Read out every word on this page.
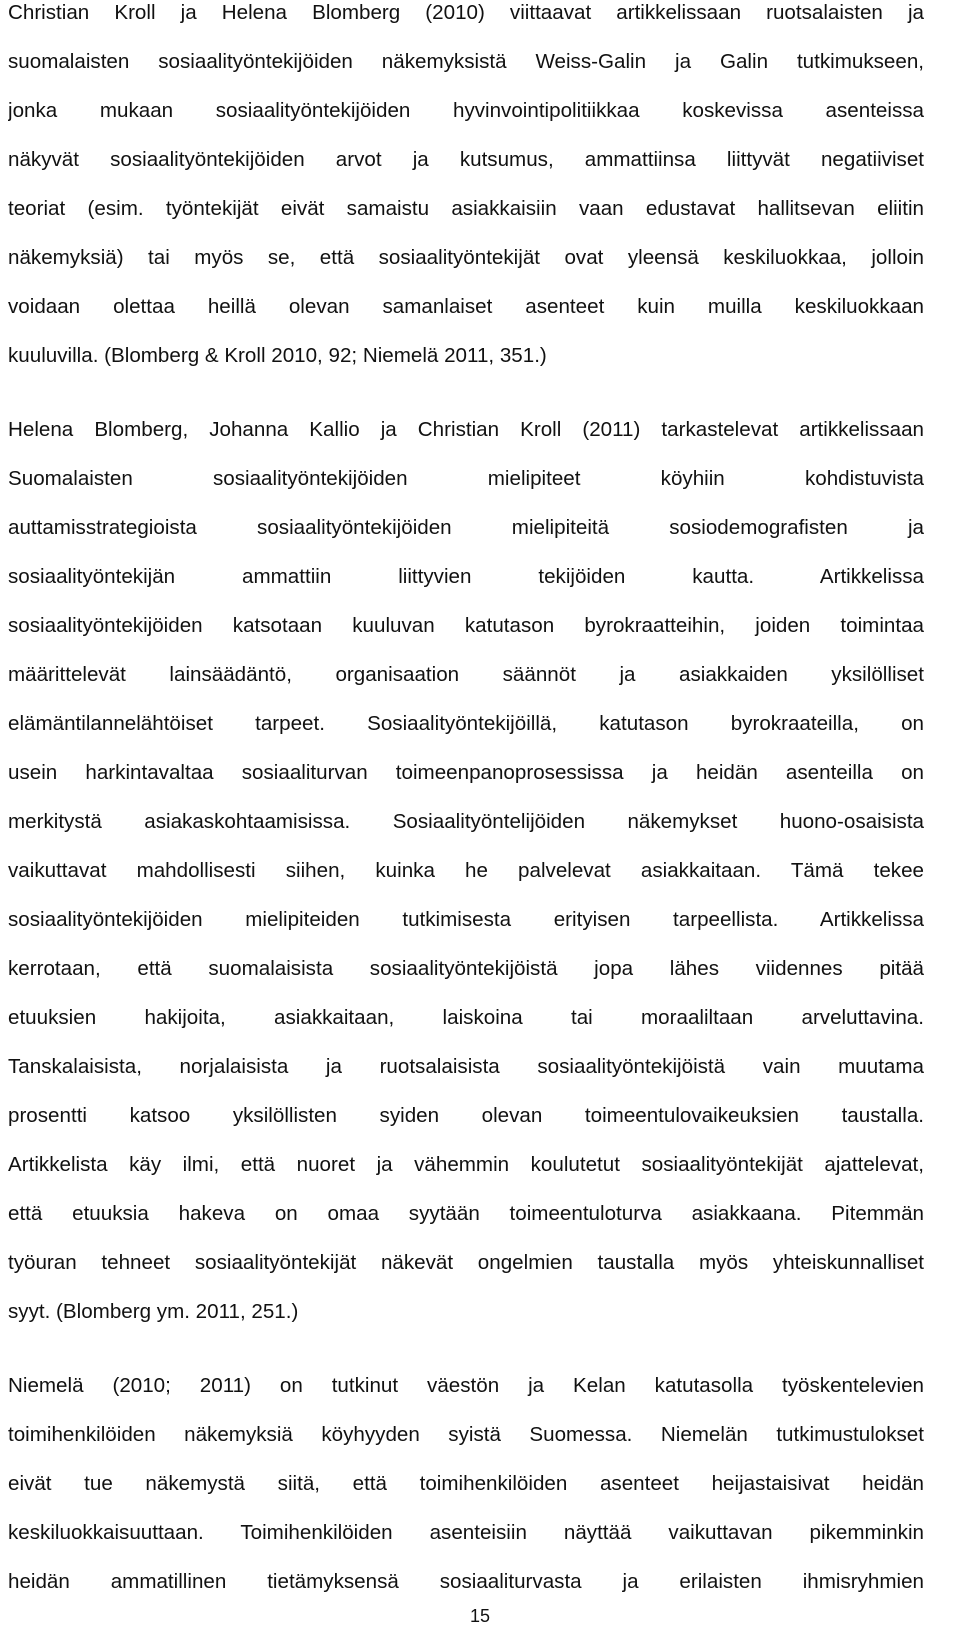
Christian Kroll ja Helena Blomberg (2010) viittaavat artikkelissaan ruotsalaisten ja
suomalaisten sosiaalityöntekijöiden näkemyksistä Weiss-Galin ja Galin tutkimukseen,
jonka mukaan sosiaalityöntekijöiden hyvinvointipolitiikkaa koskevissa asenteissa
näkyvät sosiaalityöntekijöiden arvot ja kutsumus, ammattiinsa liittyvät negatiiviset
teoriat (esim. työntekijät eivät samaistu asiakkaisiin vaan edustavat hallitsevan eliitin
näkemyksiä) tai myös se, että sosiaalityöntekijät ovat yleensä keskiluokkaa, jolloin
voidaan olettaa heillä olevan samanlaiset asenteet kuin muilla keskiluokkaan
kuuluvilla. (Blomberg & Kroll 2010, 92; Niemelä 2011, 351.)
Helena Blomberg, Johanna Kallio ja Christian Kroll (2011) tarkastelevat artikkelissaan
Suomalaisten sosiaalityöntekijöiden mielipiteet köyhiin kohdistuvista
auttamisstrategioista sosiaalityöntekijöiden mielipiteitä sosiodemografisten ja
sosiaalityöntekijän ammattiin liittyvien tekijöiden kautta. Artikkelissa
sosiaalityöntekijöiden katsotaan kuuluvan katutason byrokraatteihin, joiden toimintaa
määrittelevät lainsäädäntö, organisaation säännöt ja asiakkaiden yksilölliset
elämäntilannelähtöiset tarpeet. Sosiaalityöntekijöillä, katutason byrokraateilla, on
usein harkintavaltaa sosiaaliturvan toimeenpanoprosessissa ja heidän asenteilla on
merkitystä asiakaskohtaamisissa. Sosiaalityöntelijöiden näkemykset huono-osaisista
vaikuttavat mahdollisesti siihen, kuinka he palvelevat asiakkaitaan. Tämä tekee
sosiaalityöntekijöiden mielipiteiden tutkimisesta erityisen tarpeellista. Artikkelissa
kerrotaan, että suomalaisista sosiaalityöntekijöistä jopa lähes viidennes pitää
etuuksien hakijoita, asiakkaitaan, laiskoina tai moraaliltaan arveluttavina.
Tanskalaisista, norjalaisista ja ruotsalaisista sosiaalityöntekijöistä vain muutama
prosentti katsoo yksilöllisten syiden olevan toimeentulovaikeuksien taustalla.
Artikkelista käy ilmi, että nuoret ja vähemmin koulutetut sosiaalityöntekijät ajattelevat,
että etuuksia hakeva on omaa syytään toimeentuloturva asiakkaana. Pitemmän
työuran tehneet sosiaalityöntekijät näkevät ongelmien taustalla myös yhteiskunnalliset
syyt. (Blomberg ym. 2011, 251.)
Niemelä (2010; 2011) on tutkinut väestön ja Kelan katutasolla työskentelevien
toimihenkilöiden näkemyksiä köyhyyden syistä Suomessa. Niemelän tutkimustulokset
eivät tue näkemystä siitä, että toimihenkilöiden asenteet heijastaisivat heidän
keskiluokkaisuuttaan. Toimihenkilöiden asenteisiin näyttää vaikuttavan pikemminkin
heidän ammatillinen tietämyksensä sosiaaliturvasta ja erilaisten ihmisryhmien
15
